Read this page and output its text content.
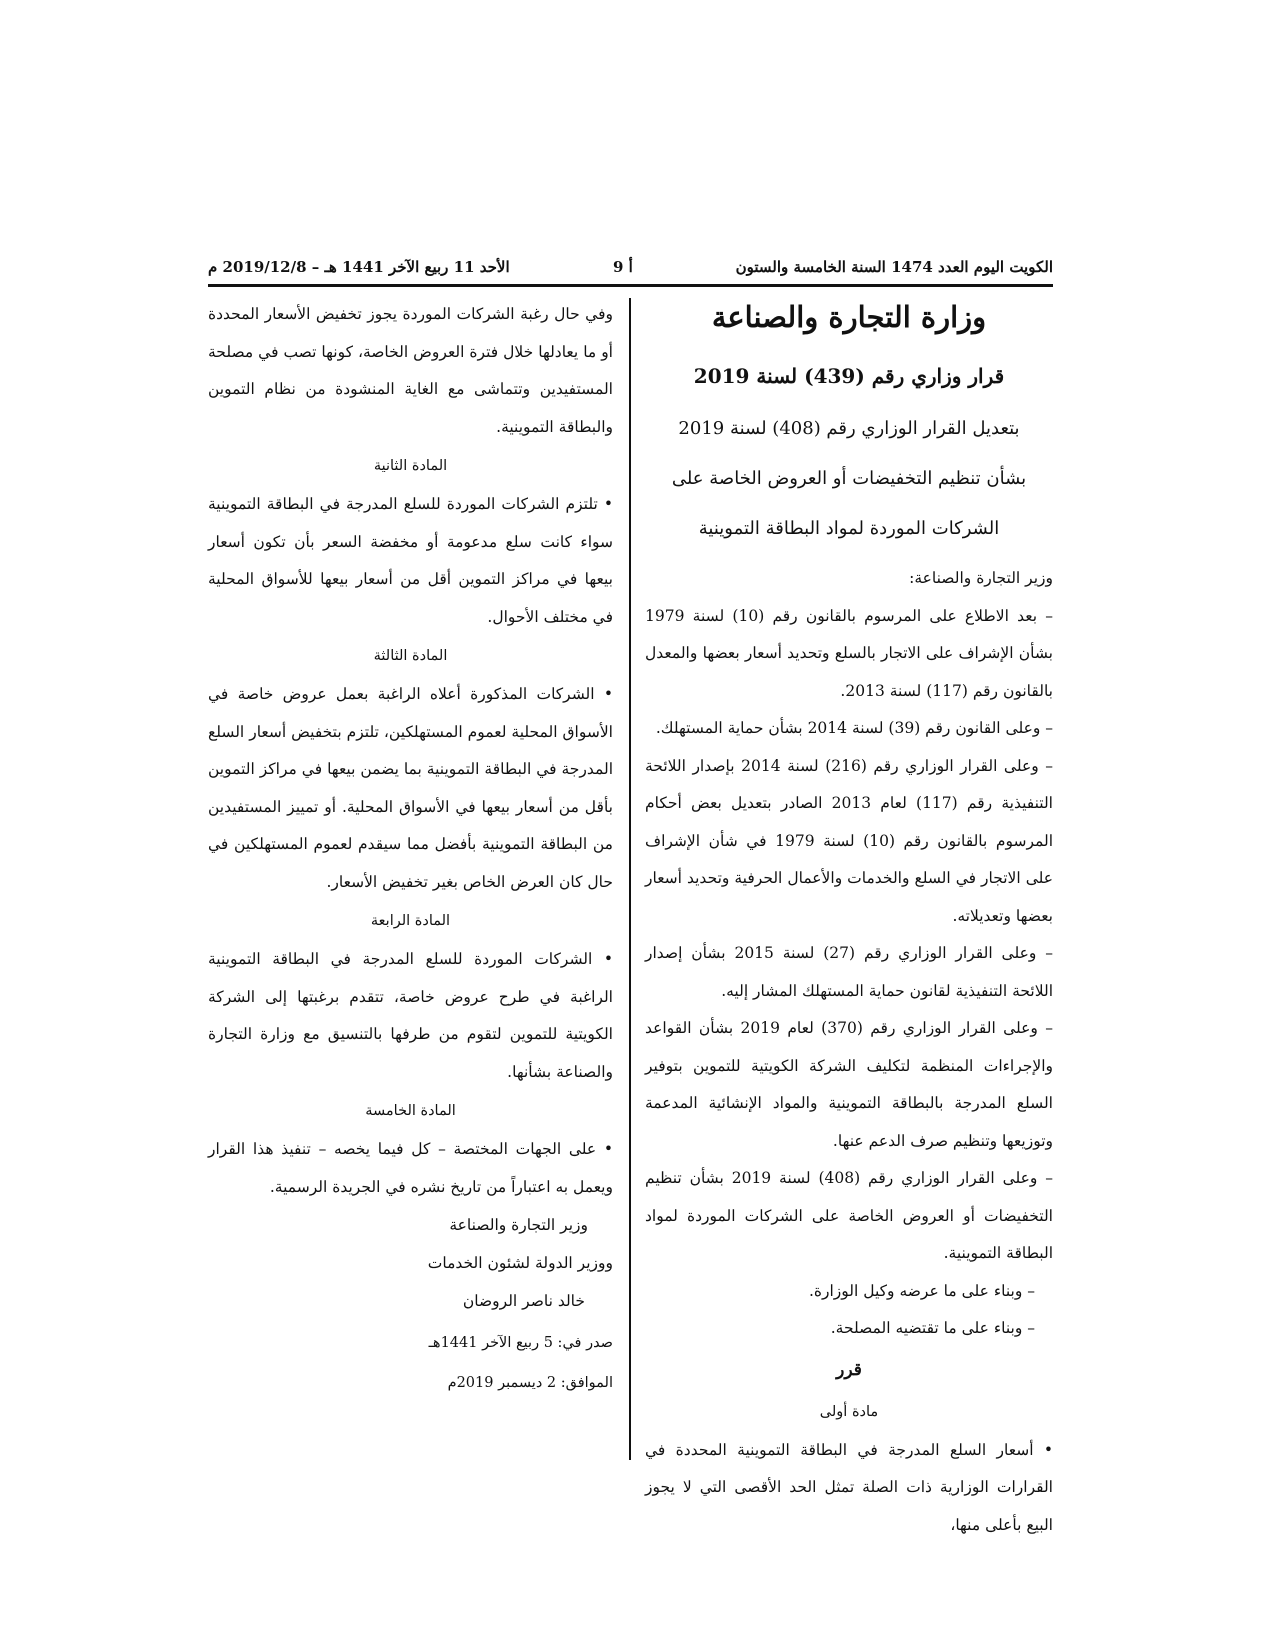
الكويت اليوم العدد 1474 السنة الخامسة والستون
أ 9
الأحد 11 ربيع الآخر 1441 هـ – 2019/12/8 م

وزارة التجارة والصناعة

قرار وزاري رقم (439) لسنة 2019

بتعديل القرار الوزاري رقم (408) لسنة 2019

بشأن تنظيم التخفيضات أو العروض الخاصة على

الشركات الموردة لمواد البطاقة التموينية

وزير التجارة والصناعة:

– بعد الاطلاع على المرسوم بالقانون رقم (10) لسنة 1979 بشأن الإشراف على الاتجار بالسلع وتحديد أسعار بعضها والمعدل بالقانون رقم (117) لسنة 2013.

– وعلى القانون رقم (39) لسنة 2014 بشأن حماية المستهلك.

– وعلى القرار الوزاري رقم (216) لسنة 2014 بإصدار اللائحة التنفيذية رقم (117) لعام 2013 الصادر بتعديل بعض أحكام المرسوم بالقانون رقم (10) لسنة 1979 في شأن الإشراف على الاتجار في السلع والخدمات والأعمال الحرفية وتحديد أسعار بعضها وتعديلاته.

– وعلى القرار الوزاري رقم (27) لسنة 2015 بشأن إصدار اللائحة التنفيذية لقانون حماية المستهلك المشار إليه.

– وعلى القرار الوزاري رقم (370) لعام 2019 بشأن القواعد والإجراءات المنظمة لتكليف الشركة الكويتية للتموين بتوفير السلع المدرجة بالبطاقة التموينية والمواد الإنشائية المدعمة وتوزيعها وتنظيم صرف الدعم عنها.

– وعلى القرار الوزاري رقم (408) لسنة 2019 بشأن تنظيم التخفيضات أو العروض الخاصة على الشركات الموردة لمواد البطاقة التموينية.

– وبناء على ما عرضه وكيل الوزارة.

– وبناء على ما تقتضيه المصلحة.

قرر

مادة أولى

• أسعار السلع المدرجة في البطاقة التموينية المحددة في القرارات الوزارية ذات الصلة تمثل الحد الأقصى التي لا يجوز البيع بأعلى منها،

وفي حال رغبة الشركات الموردة يجوز تخفيض الأسعار المحددة أو ما يعادلها خلال فترة العروض الخاصة، كونها تصب في مصلحة المستفيدين وتتماشى مع الغاية المنشودة من نظام التموين والبطاقة التموينية.

المادة الثانية

• تلتزم الشركات الموردة للسلع المدرجة في البطاقة التموينية سواء كانت سلع مدعومة أو مخفضة السعر بأن تكون أسعار بيعها في مراكز التموين أقل من أسعار بيعها للأسواق المحلية في مختلف الأحوال.

المادة الثالثة

• الشركات المذكورة أعلاه الراغبة بعمل عروض خاصة في الأسواق المحلية لعموم المستهلكين، تلتزم بتخفيض أسعار السلع المدرجة في البطاقة التموينية بما يضمن بيعها في مراكز التموين بأقل من أسعار بيعها في الأسواق المحلية. أو تمييز المستفيدين من البطاقة التموينية بأفضل مما سيقدم لعموم المستهلكين في حال كان العرض الخاص بغير تخفيض الأسعار.

المادة الرابعة

• الشركات الموردة للسلع المدرجة في البطاقة التموينية الراغبة في طرح عروض خاصة، تتقدم برغبتها إلى الشركة الكويتية للتموين لتقوم من طرفها بالتنسيق مع وزارة التجارة والصناعة بشأنها.

المادة الخامسة

• على الجهات المختصة – كل فيما يخصه – تنفيذ هذا القرار ويعمل به اعتباراً من تاريخ نشره في الجريدة الرسمية.

وزير التجارة والصناعة

ووزير الدولة لشئون الخدمات

خالد ناصر الروضان

صدر في: 5 ربيع الآخر 1441هـ

الموافق: 2 ديسمبر 2019م
